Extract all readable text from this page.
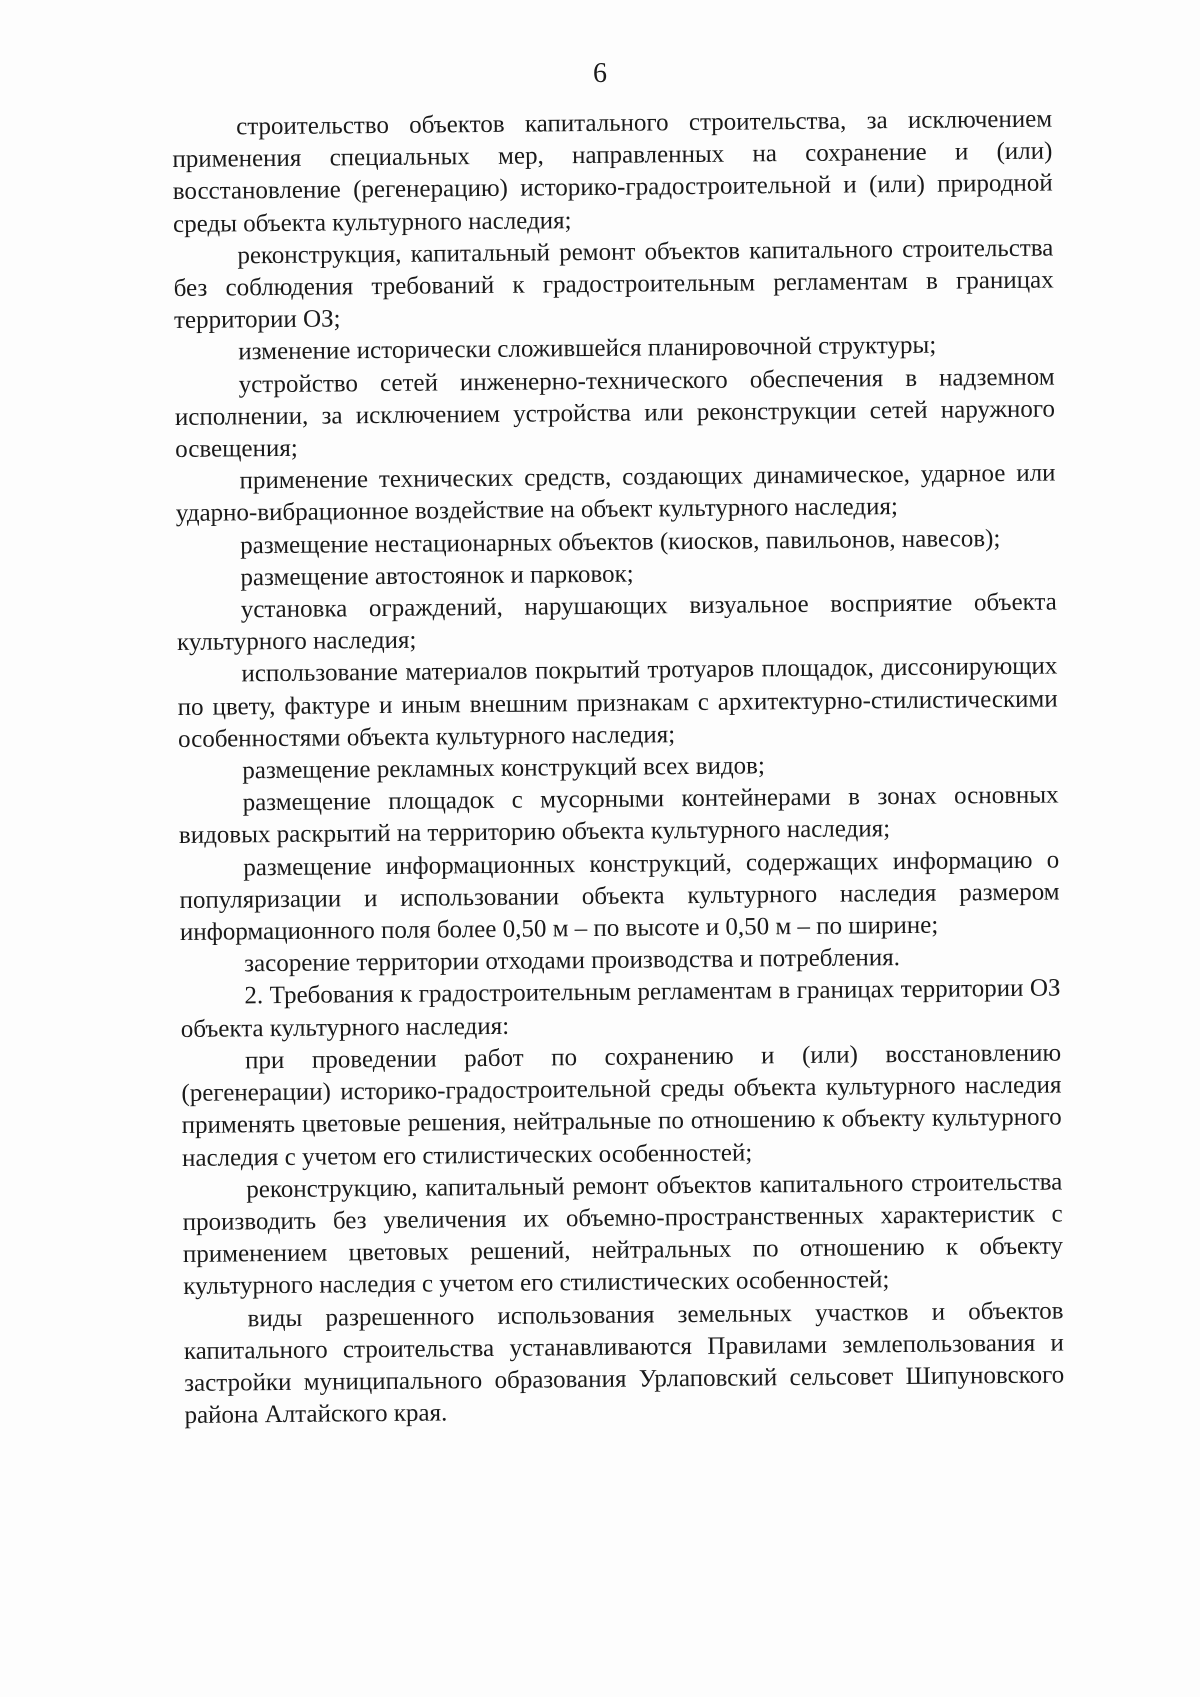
6

строительство объектов капитального строительства, за исключением применения специальных мер, направленных на сохранение и (или) восстановление (регенерацию) историко-градостроительной и (или) природной среды объекта культурного наследия;

реконструкция, капитальный ремонт объектов капитального строительства без соблюдения требований к градостроительным регламентам в границах территории ОЗ;

изменение исторически сложившейся планировочной структуры;

устройство сетей инженерно-технического обеспечения в надземном исполнении, за исключением устройства или реконструкции сетей наружного освещения;

применение технических средств, создающих динамическое, ударное или ударно-вибрационное воздействие на объект культурного наследия;

размещение нестационарных объектов (киосков, павильонов, навесов);

размещение автостоянок и парковок;

установка ограждений, нарушающих визуальное восприятие объекта культурного наследия;

использование материалов покрытий тротуаров площадок, диссонирующих по цвету, фактуре и иным внешним признакам с архитектурно-стилистическими особенностями объекта культурного наследия;

размещение рекламных конструкций всех видов;

размещение площадок с мусорными контейнерами в зонах основных видовых раскрытий на территорию объекта культурного наследия;

размещение информационных конструкций, содержащих информацию о популяризации и использовании объекта культурного наследия размером информационного поля более 0,50 м – по высоте и 0,50 м – по ширине;

засорение территории отходами производства и потребления.

2. Требования к градостроительным регламентам в границах территории ОЗ объекта культурного наследия:

при проведении работ по сохранению и (или) восстановлению (регенерации) историко-градостроительной среды объекта культурного наследия применять цветовые решения, нейтральные по отношению к объекту культурного наследия с учетом его стилистических особенностей;

реконструкцию, капитальный ремонт объектов капитального строительства производить без увеличения их объемно-пространственных характеристик с применением цветовых решений, нейтральных по отношению к объекту культурного наследия с учетом его стилистических особенностей;

виды разрешенного использования земельных участков и объектов капитального строительства устанавливаются Правилами землепользования и застройки муниципального образования Урлаповский сельсовет Шипуновского района Алтайского края.
